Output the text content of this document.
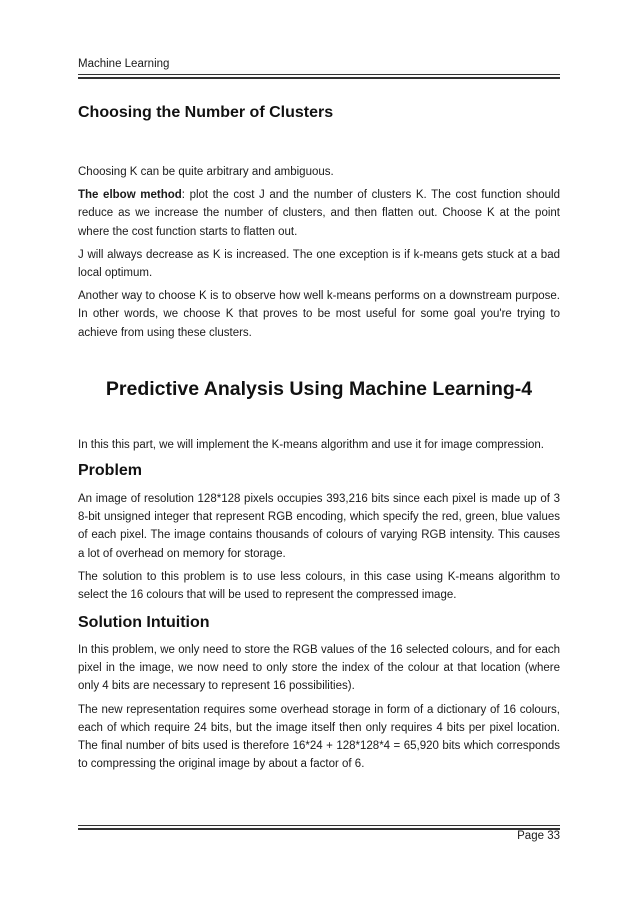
Machine Learning
Choosing the Number of Clusters

Choosing K can be quite arbitrary and ambiguous.

The elbow method: plot the cost J and the number of clusters K. The cost function should reduce as we increase the number of clusters, and then flatten out. Choose K at the point where the cost function starts to flatten out.

J will always decrease as K is increased. The one exception is if k-means gets stuck at a bad local optimum.

Another way to choose K is to observe how well k-means performs on a downstream purpose. In other words, we choose K that proves to be most useful for some goal you're trying to achieve from using these clusters.

Predictive Analysis Using Machine Learning-4

In this this part, we will implement the K-means algorithm and use it for image compression.

Problem

An image of resolution 128*128 pixels occupies 393,216 bits since each pixel is made up of 3 8-bit unsigned integer that represent RGB encoding, which specify the red, green, blue values of each pixel. The image contains thousands of colours of varying RGB intensity. This causes a lot of overhead on memory for storage.

The solution to this problem is to use less colours, in this case using K-means algorithm to select the 16 colours that will be used to represent the compressed image.

Solution Intuition

In this problem, we only need to store the RGB values of the 16 selected colours, and for each pixel in the image, we now need to only store the index of the colour at that location (where only 4 bits are necessary to represent 16 possibilities).

The new representation requires some overhead storage in form of a dictionary of 16 colours, each of which require 24 bits, but the image itself then only requires 4 bits per pixel location. The final number of bits used is therefore 16*24 + 128*128*4 = 65,920 bits which corresponds to compressing the original image by about a factor of 6.

Page 33
